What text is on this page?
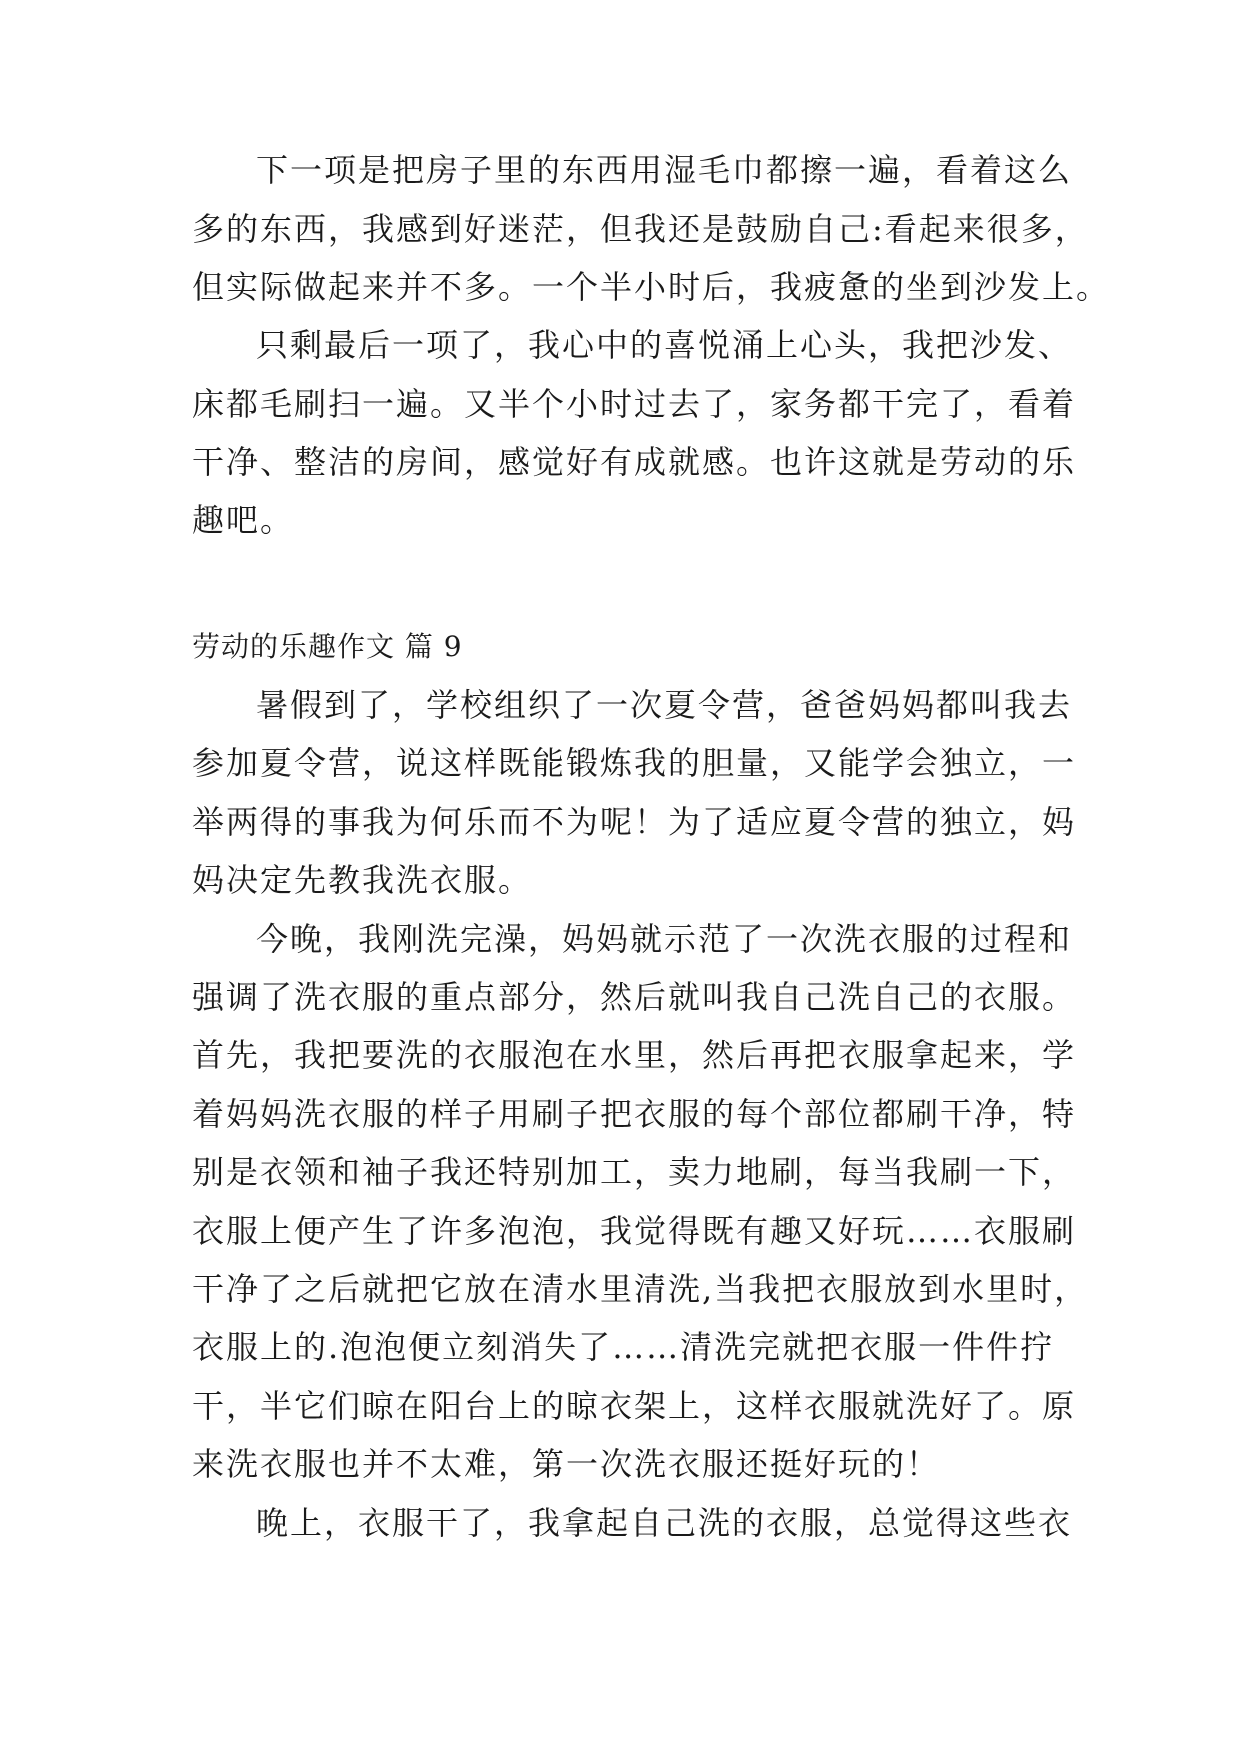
下一项是把房子里的东西用湿毛巾都擦一遍，看着这么
多的东西，我感到好迷茫，但我还是鼓励自己:看起来很多，
但实际做起来并不多。一个半小时后，我疲惫的坐到沙发上。
只剩最后一项了，我心中的喜悦涌上心头，我把沙发、
床都毛刷扫一遍。又半个小时过去了，家务都干完了，看着
干净、整洁的房间，感觉好有成就感。也许这就是劳动的乐
趣吧。
劳动的乐趣作文 篇 9
暑假到了，学校组织了一次夏令营，爸爸妈妈都叫我去
参加夏令营，说这样既能锻炼我的胆量，又能学会独立，一
举两得的事我为何乐而不为呢！为了适应夏令营的独立，妈
妈决定先教我洗衣服。
今晚，我刚洗完澡，妈妈就示范了一次洗衣服的过程和
强调了洗衣服的重点部分，然后就叫我自己洗自己的衣服。
首先，我把要洗的衣服泡在水里，然后再把衣服拿起来，学
着妈妈洗衣服的样子用刷子把衣服的每个部位都刷干净，特
别是衣领和袖子我还特别加工，卖力地刷，每当我刷一下，
衣服上便产生了许多泡泡，我觉得既有趣又好玩……衣服刷
干净了之后就把它放在清水里清洗,当我把衣服放到水里时，
衣服上的.泡泡便立刻消失了……清洗完就把衣服一件件拧
干，半它们晾在阳台上的晾衣架上，这样衣服就洗好了。原
来洗衣服也并不太难，第一次洗衣服还挺好玩的！
晚上，衣服干了，我拿起自己洗的衣服，总觉得这些衣
